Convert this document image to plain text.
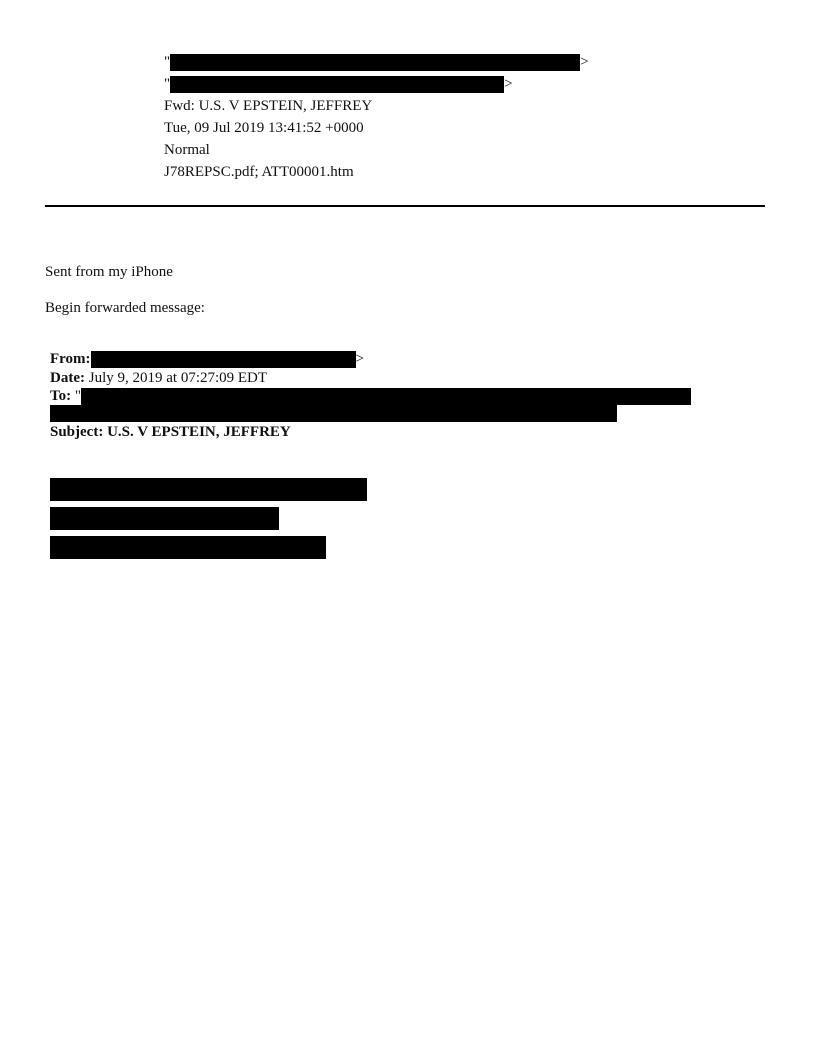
"	>
"	>
Fwd: U.S. V EPSTEIN, JEFFREY
Tue, 09 Jul 2019 13:41:52 +0000
Normal
J78REPSC.pdf; ATT00001.htm
Sent from my iPhone
Begin forwarded message:
From:	>
Date: July 9, 2019 at 07:27:09 EDT
To: "
Subject: U.S. V EPSTEIN, JEFFREY
